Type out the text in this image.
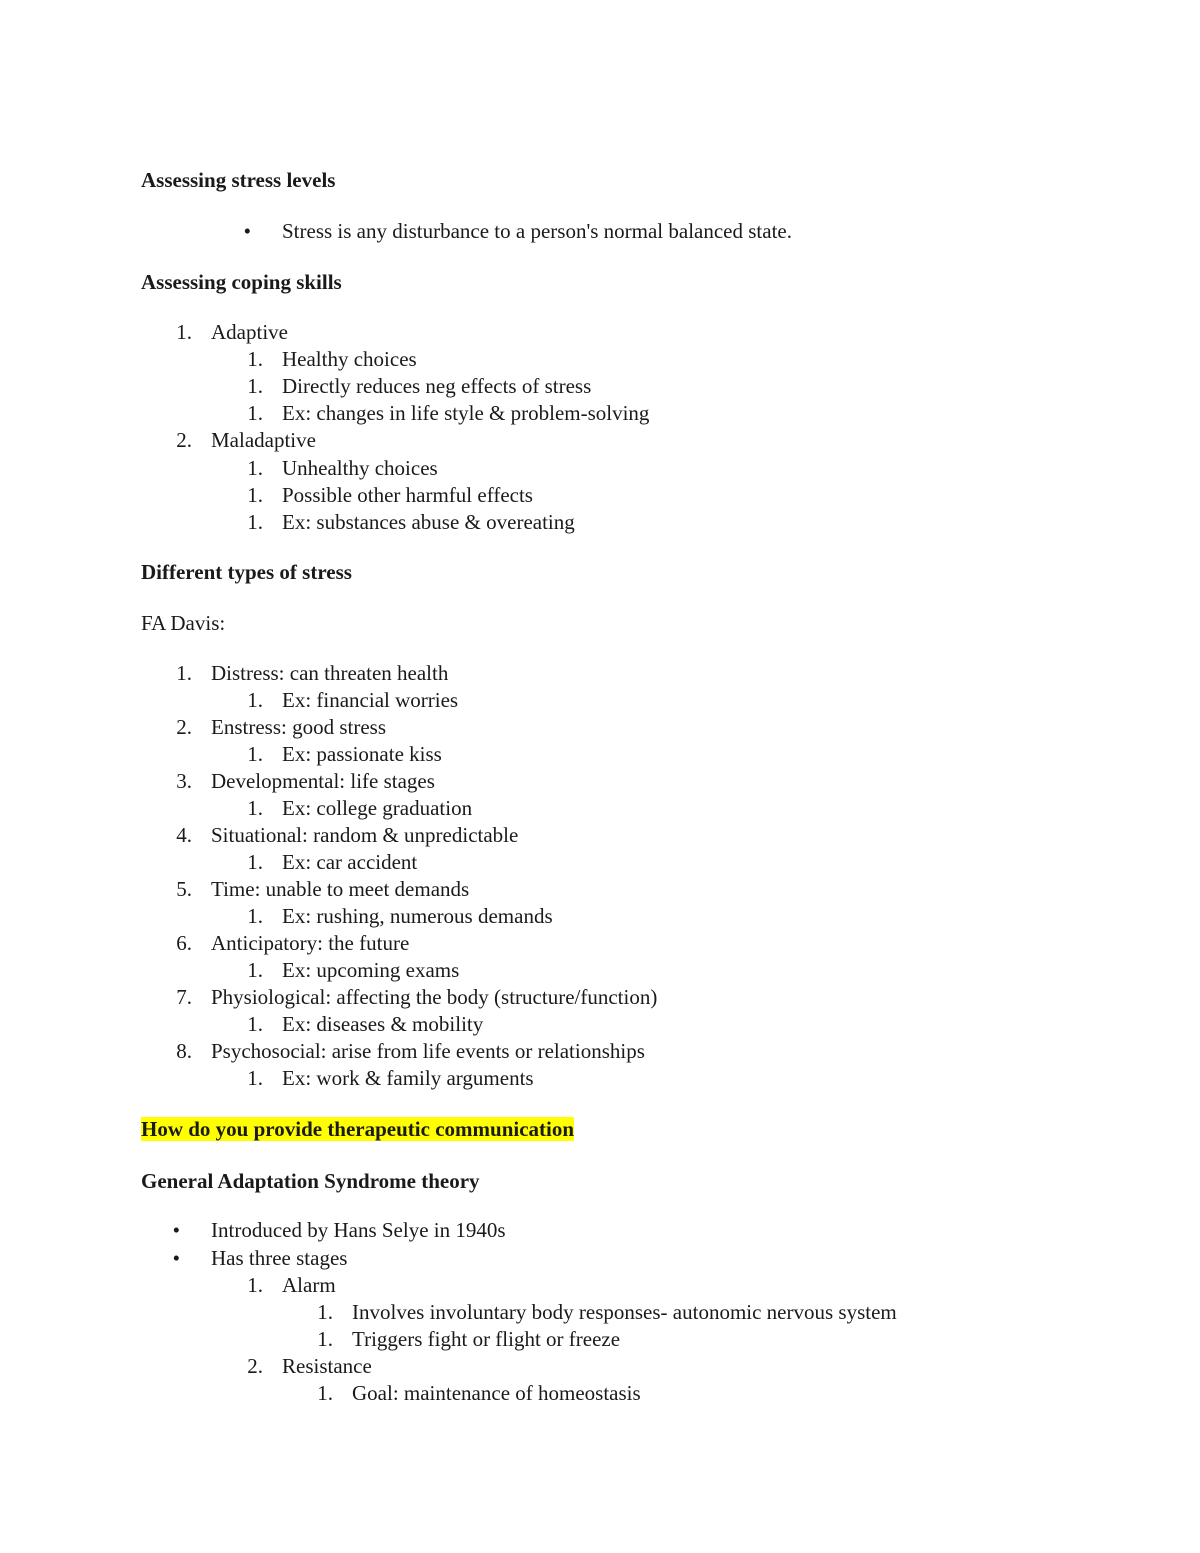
Assessing stress levels
• Stress is any disturbance to a person's normal balanced state.
Assessing coping skills
1. Adaptive
1. Healthy choices
1. Directly reduces neg effects of stress
1. Ex: changes in life style & problem-solving
2. Maladaptive
1. Unhealthy choices
1. Possible other harmful effects
1. Ex: substances abuse & overeating
Different types of stress
FA Davis:
1. Distress: can threaten health
1. Ex: financial worries
2. Enstress: good stress
1. Ex: passionate kiss
3. Developmental: life stages
1. Ex: college graduation
4. Situational: random & unpredictable
1. Ex: car accident
5. Time: unable to meet demands
1. Ex: rushing, numerous demands
6. Anticipatory: the future
1. Ex: upcoming exams
7. Physiological: affecting the body (structure/function)
1. Ex: diseases & mobility
8. Psychosocial: arise from life events or relationships
1. Ex: work & family arguments
How do you provide therapeutic communication
General Adaptation Syndrome theory
• Introduced by Hans Selye in 1940s
• Has three stages
1. Alarm
1. Involves involuntary body responses- autonomic nervous system
1. Triggers fight or flight or freeze
2. Resistance
1. Goal: maintenance of homeostasis
